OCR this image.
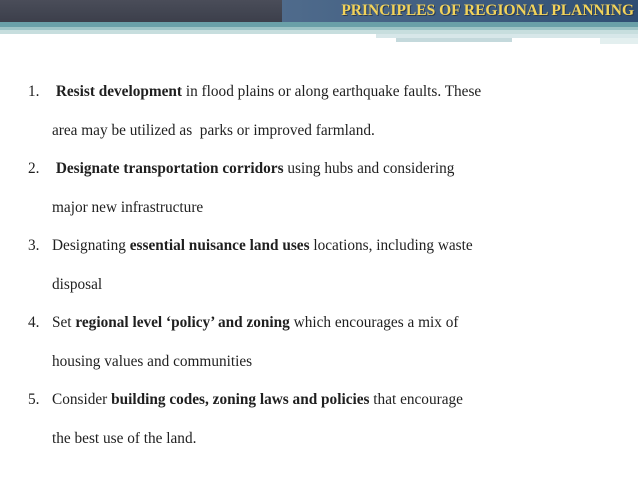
PRINCIPLES OF REGIONAL PLANNING
1. Resist development in flood plains or along earthquake faults. These
area may be utilized as  parks or improved farmland.
2. Designate transportation corridors using hubs and considering
major new infrastructure
3. Designating essential nuisance land uses locations, including waste
disposal
4. Set regional level ‘policy’ and zoning which encourages a mix of
housing values and communities
5. Consider building codes, zoning laws and policies that encourage
the best use of the land.
